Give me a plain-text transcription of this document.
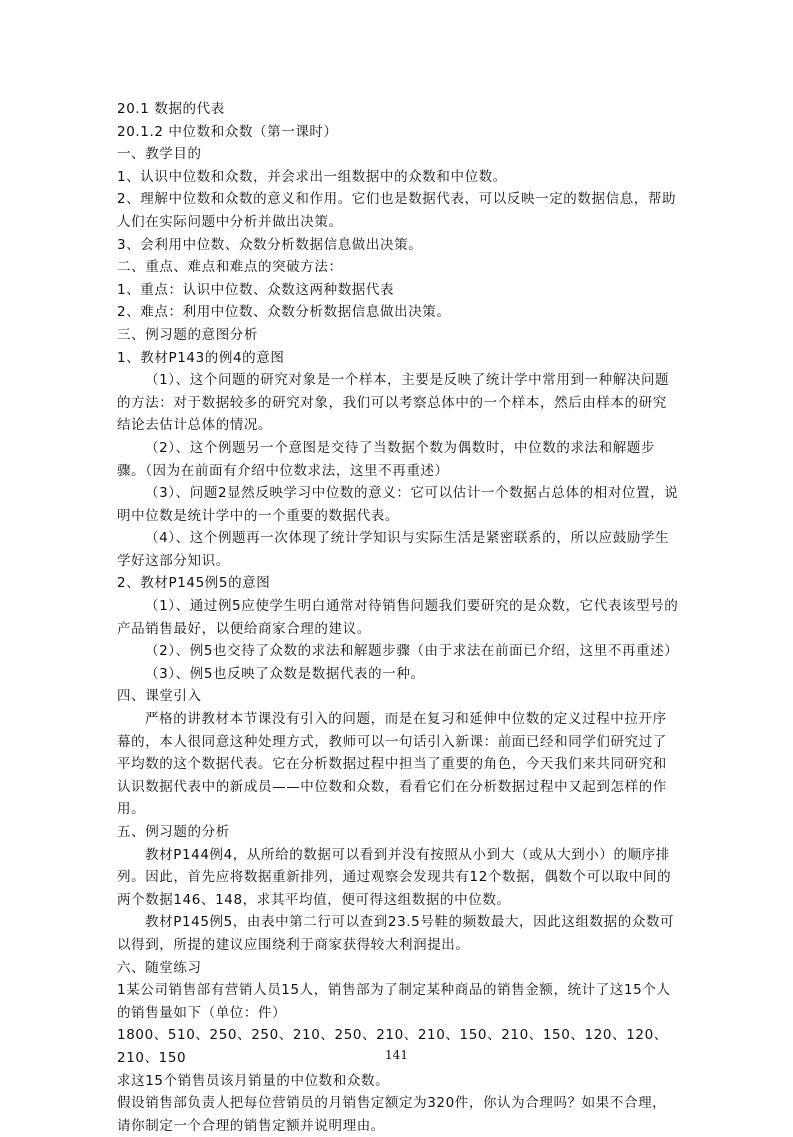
20.1 数据的代表

20.1.2 中位数和众数（第一课时）

一、教学目的

1、认识中位数和众数，并会求出一组数据中的众数和中位数。

2、理解中位数和众数的意义和作用。它们也是数据代表，可以反映一定的数据信息，帮助人们在实际问题中分析并做出决策。

3、会利用中位数、众数分析数据信息做出决策。

二、重点、难点和难点的突破方法：

1、重点：认识中位数、众数这两种数据代表

2、难点：利用中位数、众数分析数据信息做出决策。

三、例习题的意图分析

1、教材P143的例4的意图

（1）、这个问题的研究对象是一个样本，主要是反映了统计学中常用到一种解决问题的方法：对于数据较多的研究对象，我们可以考察总体中的一个样本，然后由样本的研究结论去估计总体的情况。

（2）、这个例题另一个意图是交待了当数据个数为偶数时，中位数的求法和解题步骤。（因为在前面有介绍中位数求法，这里不再重述）

（3）、问题2显然反映学习中位数的意义：它可以估计一个数据占总体的相对位置，说明中位数是统计学中的一个重要的数据代表。

（4）、这个例题再一次体现了统计学知识与实际生活是紧密联系的，所以应鼓励学生学好这部分知识。

2、教材P145例5的意图

（1）、通过例5应使学生明白通常对待销售问题我们要研究的是众数，它代表该型号的产品销售最好，以便给商家合理的建议。

（2）、例5也交待了众数的求法和解题步骤（由于求法在前面已介绍，这里不再重述）

（3）、例5也反映了众数是数据代表的一种。

四、课堂引入

严格的讲教材本节课没有引入的问题，而是在复习和延伸中位数的定义过程中拉开序幕的，本人很同意这种处理方式，教师可以一句话引入新课：前面已经和同学们研究过了平均数的这个数据代表。它在分析数据过程中担当了重要的角色，今天我们来共同研究和认识数据代表中的新成员——中位数和众数，看看它们在分析数据过程中又起到怎样的作用。

五、例习题的分析

教材P144例4，从所给的数据可以看到并没有按照从小到大（或从大到小）的顺序排列。因此，首先应将数据重新排列，通过观察会发现共有12个数据，偶数个可以取中间的两个数据146、148，求其平均值，便可得这组数据的中位数。

教材P145例5，由表中第二行可以查到23.5号鞋的频数最大，因此这组数据的众数可以得到，所提的建议应围绕利于商家获得较大利润提出。

六、随堂练习

1某公司销售部有营销人员15人，销售部为了制定某种商品的销售金额，统计了这15个人的销售量如下（单位：件）

1800、510、250、250、210、250、210、210、150、210、150、120、120、210、150

求这15个销售员该月销量的中位数和众数。

假设销售部负责人把每位营销员的月销售定额定为320件，你认为合理吗？如果不合理，请你制定一个合理的销售定额并说明理由。

141
